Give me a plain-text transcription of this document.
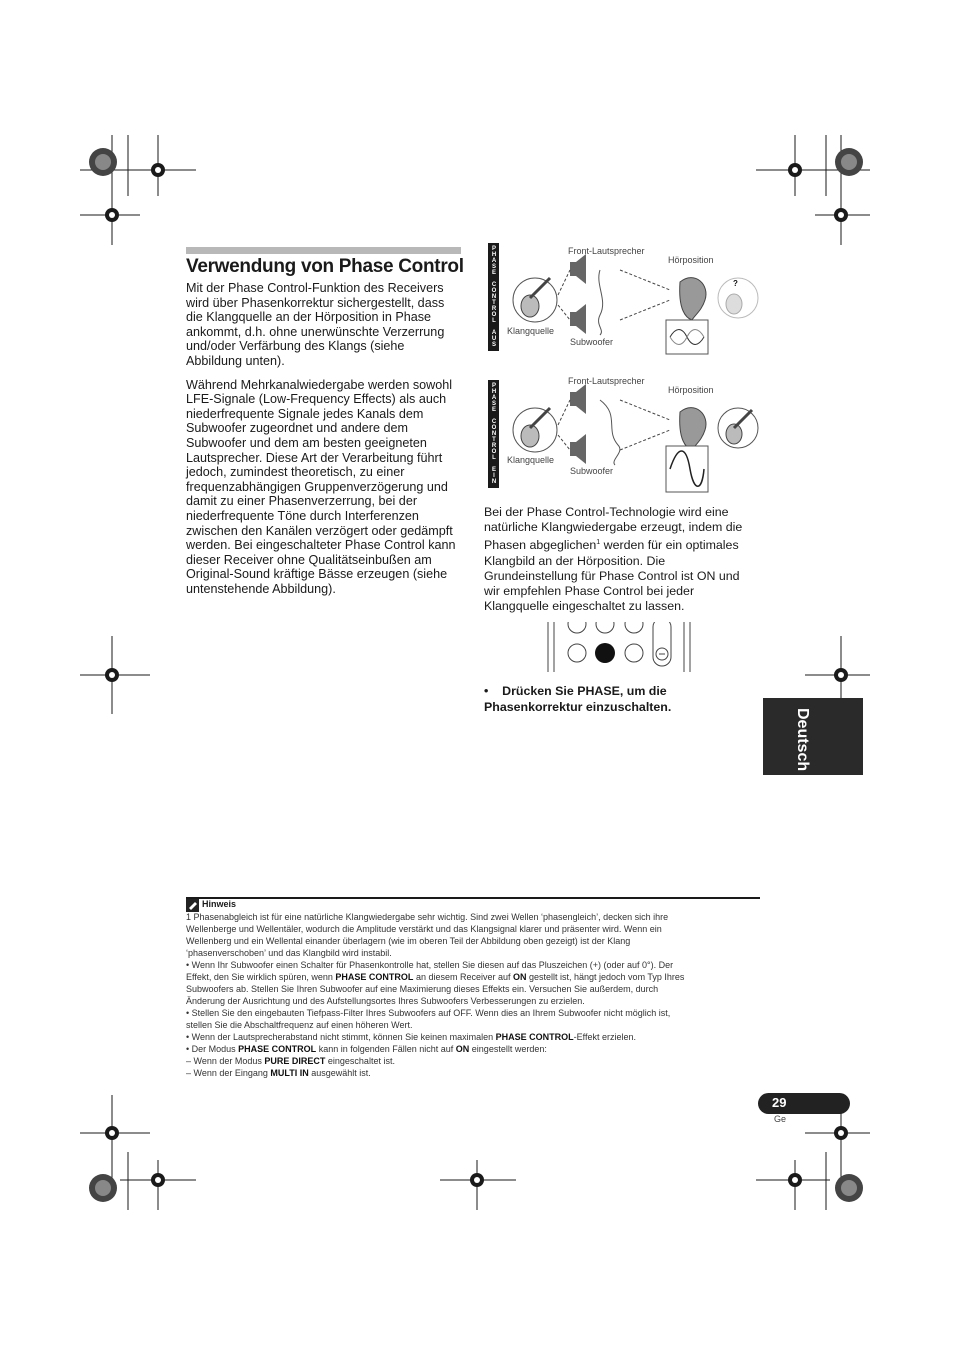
Verwendung von Phase Control

Mit der Phase Control-Funktion des Receivers wird über Phasenkorrektur sichergestellt, dass die Klangquelle an der Hörposition in Phase ankommt, d.h. ohne unerwünschte Verzerrung und/oder Verfärbung des Klangs (siehe Abbildung unten).

Während Mehrkanalwiedergabe werden sowohl LFE-Signale (Low-Frequency Effects) als auch niederfrequente Signale jedes Kanals dem Subwoofer zugeordnet und andere dem Subwoofer und dem am besten geeigneten Lautsprecher. Diese Art der Verarbeitung führt jedoch, zumindest theoretisch, zu einer frequenzabhängigen Gruppenverzögerung und damit zu einer Phasenverzerrung, bei der niederfrequente Töne durch Interferenzen zwischen den Kanälen verzögert oder gedämpft werden. Bei eingeschalteter Phase Control kann dieser Receiver ohne Qualitätseinbußen am Original-Sound kräftige Bässe erzeugen (siehe untenstehende Abbildung).

PHASE CONTROL AUS
PHASE CONTROL EIN
Front-Lautsprecher
Hörposition
Klangquelle
Subwoofer
Front-Lautsprecher
Hörposition
Klangquelle
Subwoofer
?

Bei der Phase Control-Technologie wird eine natürliche Klangwiedergabe erzeugt, indem die Phasen abgeglichen$^1$ werden für ein optimales Klangbild an der Hörposition. Die Grundeinstellung für Phase Control ist ON und wir empfehlen Phase Control bei jeder Klangquelle eingeschaltet zu lassen.

• Drücken Sie PHASE, um die Phasenkorrektur einzuschalten.
Deutsch
Hinweis
1 Phasenabgleich ist für eine natürliche Klangwiedergabe sehr wichtig. Sind zwei Wellen ‘phasengleich’, decken sich ihre
Wellenberge und Wellentäler, wodurch die Amplitude verstärkt und das Klangsignal klarer und präsenter wird. Wenn ein
Wellenberg und ein Wellental einander überlagern (wie im oberen Teil der Abbildung oben gezeigt) ist der Klang
‘phasenverschoben’ und das Klangbild wird instabil.
• Wenn Ihr Subwoofer einen Schalter für Phasenkontrolle hat, stellen Sie diesen auf das Pluszeichen (+) (oder auf 0°). Der
Effekt, den Sie wirklich spüren, wenn PHASE CONTROL an diesem Receiver auf ON gestellt ist, hängt jedoch vom Typ Ihres
Subwoofers ab. Stellen Sie Ihren Subwoofer auf eine Maximierung dieses Effekts ein. Versuchen Sie außerdem, durch
Änderung der Ausrichtung und des Aufstellungsortes Ihres Subwoofers Verbesserungen zu erzielen.
• Stellen Sie den eingebauten Tiefpass-Filter Ihres Subwoofers auf OFF. Wenn dies an Ihrem Subwoofer nicht möglich ist,
stellen Sie die Abschaltfrequenz auf einen höheren Wert.
• Wenn der Lautsprecherabstand nicht stimmt, können Sie keinen maximalen PHASE CONTROL-Effekt erzielen.
• Der Modus PHASE CONTROL kann in folgenden Fällen nicht auf ON eingestellt werden:
– Wenn der Modus PURE DIRECT eingeschaltet ist.
– Wenn der Eingang MULTI IN ausgewählt ist.
29
Ge
